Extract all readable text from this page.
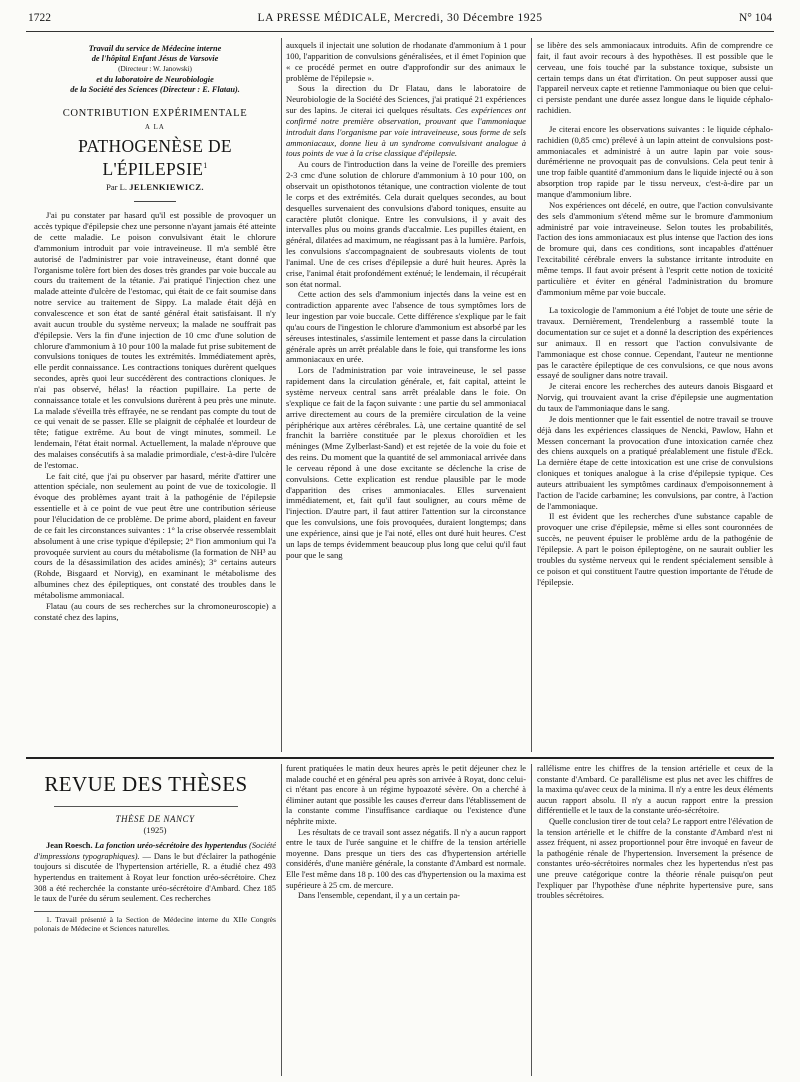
1722	LA PRESSE MÉDICALE, Mercredi, 30 Décembre 1925	N° 104
Travail du service de Médecine interne
de l'hôpital Enfant Jésus de Varsovie
(Directeur : W. Janowski)
et du laboratoire de Neurobiologie
de la Société des Sciences (Directeur : E. Flatau).
CONTRIBUTION EXPÉRIMENTALE
A LA
PATHOGENÈSE DE L'ÉPILEPSIE$^1$
Par L. JELENKIEWICZ.

J'ai pu constater par hasard qu'il est possible de provoquer un accès typique d'épilepsie chez une personne n'ayant jamais été atteinte de cette maladie. Le poison convulsivant était le chlorure d'ammonium introduit par voie intraveineuse. Il m'a semblé être autorisé de l'administrer par voie intraveineuse, étant donné que l'organisme tolère fort bien des doses très grandes par voie buccale au cours du traitement de la tétanie. J'ai pratiqué l'injection chez une malade atteinte d'ulcère de l'estomac, qui était de ce fait soumise dans notre service au traitement de Sippy. La malade était déjà en convalescence et son état de santé général était satisfaisant. Il n'y avait aucun trouble du système nerveux; la malade ne souffrait pas d'épilepsie. Vers la fin d'une injection de 10 cmc d'une solution de chlorure d'ammonium à 10 pour 100 la malade fut prise subitement de convulsions toniques de toutes les extrémités. Immédiatement après, elle perdit connaissance. Les contractions toniques durèrent quelques secondes, après quoi leur succédèrent des contractions cloniques. Je n'ai pas observé, hélas! la réaction pupillaire. La perte de connaissance totale et les convulsions durèrent à peu près une minute. La malade s'éveilla très effrayée, ne se rendant pas compte du tout de ce qui venait de se passer. Elle se plaignit de céphalée et lourdeur de tête; fatigue extrême. Au bout de vingt minutes, sommeil. Le lendemain, l'état était normal. Actuellement, la malade n'éprouve que des malaises consécutifs à sa maladie primordiale, c'est-à-dire l'ulcère de l'estomac.

Le fait cité, que j'ai pu observer par hasard, mérite d'attirer une attention spéciale, non seulement au point de vue de toxicologie. Il évoque des problèmes ayant trait à la pathogénie de l'épilepsie essentielle et à ce point de vue peut être une contribution sérieuse pour l'élucidation de ce problème. De prime abord, plaident en faveur de ce fait les circonstances suivantes : 1° la crise observée ressemblait absolument à une crise typique d'épilepsie; 2° l'ion ammonium qui l'a provoquée survient au cours du métabolisme (la formation de NH³ au cours de la désassimilation des acides aminés); 3° certains auteurs (Rohde, Bisgaard et Norvig), en examinant le métabolisme des albumines chez des épileptiques, ont constaté des troubles dans le métabolisme ammoniacal.

Flatau (au cours de ses recherches sur la chromoneuroscopie) a constaté chez des lapins,

auxquels il injectait une solution de rhodanate d'ammonium à 1 pour 100, l'apparition de convulsions généralisées, et il émet l'opinion que « ce procédé permet en outre d'approfondir sur des animaux le problème de l'épilepsie ».

Sous la direction du Dr Flatau, dans le laboratoire de Neurobiologie de la Société des Sciences, j'ai pratiqué 21 expériences sur des lapins. Je citerai ici quelques résultats. Ces expériences ont confirmé notre première observation, prouvant que l'ammoniaque introduit dans l'organisme par voie intraveineuse, sous forme de sels ammoniacaux, donne lieu à un syndrome convulsivant analogue à tous points de vue à la crise classique d'épilepsie.

Au cours de l'introduction dans la veine de l'oreille des premiers 2-3 cmc d'une solution de chlorure d'ammonium à 10 pour 100, on observait un opisthotonos tétanique, une contraction violente de tout le corps et des extrémités. Cela durait quelques secondes, au bout desquelles survenaient des convulsions d'abord toniques, ensuite au caractère plutôt clonique. Entre les convulsions, il y avait des intervalles plus ou moins grands d'accalmie. Les pupilles étaient, en général, dilatées ad maximum, ne réagissant pas à la lumière. Parfois, les convulsions s'accompagnaient de soubresauts violents de tout l'animal. Une de ces crises d'épilepsie a duré huit heures. Après la crise, l'animal était profondément exténué; le lendemain, il récupérait son état normal.

Cette action des sels d'ammonium injectés dans la veine est en contradiction apparente avec l'absence de tous symptômes lors de leur ingestion par voie buccale. Cette différence s'explique par le fait qu'au cours de l'ingestion le chlorure d'ammonium est absorbé par les séreuses intestinales, s'assimile lentement et passe dans la circulation générale après un arrêt préalable dans le foie, qui transforme les ions ammoniacaux en urée.

Lors de l'administration par voie intraveineuse, le sel passe rapidement dans la circulation générale, et, fait capital, atteint le système nerveux central sans arrêt préalable dans le foie. On s'explique ce fait de la façon suivante : une partie du sel ammoniacal arrive directement au cours de la première circulation de la veine périphérique aux artères cérébrales. Là, une certaine quantité de sel franchit la barrière constituée par le plexus choroïdien et les méninges (Mme Zylberlast-Sand) et est rejetée de la voie du foie et des reins. Du moment que la quantité de sel ammoniacal arrivée dans le cerveau répond à une dose excitante se déclenche la crise de convulsions. Cette explication est rendue plausible par le mode d'apparition des crises ammoniacales. Elles survenaient immédiatement, et, fait qu'il faut souligner, au cours même de l'injection. D'autre part, il faut attirer l'attention sur la circonstance que les convulsions, une fois provoquées, duraient longtemps; dans une expérience, ainsi que je l'ai noté, elles ont duré huit heures. C'est un laps de temps évidemment beaucoup plus long que celui qu'il faut pour que le sang

se libère des sels ammoniacaux introduits. Afin de comprendre ce fait, il faut avoir recours à des hypothèses. Il est possible que le cerveau, une fois touché par la substance toxique, subsiste un certain temps dans un état d'irritation. On peut supposer aussi que l'appareil nerveux capte et retienne l'ammoniaque ou bien que celui-ci persiste pendant une durée assez longue dans le liquide céphalo-rachidien.

Je citerai encore les observations suivantes : le liquide céphalo-rachidien (0,85 cmc) prélevé à un lapin atteint de convulsions post-ammoniacales et administré à un autre lapin par voie sous-durémérienne ne provoquait pas de convulsions. Cela peut tenir à une trop faible quantité d'ammonium dans le liquide injecté ou à son absorption trop rapide par le tissu nerveux, c'est-à-dire par un manque d'ammonium libre.

Nos expériences ont décelé, en outre, que l'action convulsivante des sels d'ammonium s'étend même sur le bromure d'ammonium administré par voie intraveineuse. Selon toutes les probabilités, l'action des ions ammoniacaux est plus intense que l'action des ions de bromure qui, dans ces conditions, sont incapables d'atténuer l'excitabilité cérébrale envers la substance irritante introduite en même temps. Il faut avoir présent à l'esprit cette notion de toxicité particulière et éviter en général l'administration du bromure d'ammonium même par voie buccale.

La toxicologie de l'ammonium a été l'objet de toute une série de travaux. Dernièrement, Trendelenburg a rassemblé toute la documentation sur ce sujet et a donné la description des expériences sur animaux. Il en ressort que l'action convulsivante de l'ammoniaque est chose connue. Cependant, l'auteur ne mentionne pas le caractère épileptique de ces convulsions, ce que nous avons essayé de souligner dans notre travail.

Je citerai encore les recherches des auteurs danois Bisgaard et Norvig, qui trouvaient avant la crise d'épilepsie une augmentation du taux de l'ammoniaque dans le sang.

Je dois mentionner que le fait essentiel de notre travail se trouve déjà dans les expériences classiques de Nencki, Pawlow, Hahn et Messen concernant la provocation d'une intoxication carnée chez des chiens auxquels on a pratiqué préalablement une fistule d'Eck. La dernière étape de cette intoxication est une crise de convulsions cloniques et toniques analogue à la crise d'épilepsie typique. Ces auteurs attribuaient les symptômes cardinaux d'empoisonnement à l'action de l'acide carbamine; les convulsions, par contre, à l'action de l'ammoniaque.

Il est évident que les recherches d'une substance capable de provoquer une crise d'épilepsie, même si elles sont couronnées de succès, ne peuvent épuiser le problème ardu de la pathogénie de l'épilepsie. A part le poison épileptogène, on ne saurait oublier les troubles du système nerveux qui le rendent spécialement sensible à ce poison et qui constituent l'autre question importante de l'étude de l'épilepsie.

REVUE DES THÈSES
THÈSE DE NANCY
(1925)

Jean Roesch. La fonction uréo-sécrétoire des hypertendus (Société d'impressions typographiques). — Dans le but d'éclairer la pathogénie toujours si discutée de l'hypertension artérielle, R. a étudié chez 493 hypertendus en traitement à Royat leur fonction uréo-sécrétoire. Chez 308 a été recherchée la constante uréo-sécrétoire d'Ambard. Chez 185 le taux de l'urée du sérum seulement. Ces recherches

1. Travail présenté à la Section de Médecine interne du XIIe Congrès polonais de Médecine et Sciences naturelles.

furent pratiquées le matin deux heures après le petit déjeuner chez le malade couché et en général peu après son arrivée à Royat, donc celui-ci n'étant pas encore à un régime hypoazoté sévère. On a cherché à éliminer autant que possible les causes d'erreur dans l'établissement de la constante comme l'insuffisance cardiaque ou l'existence d'une néphrite mixte.

Les résultats de ce travail sont assez négatifs. Il n'y a aucun rapport entre le taux de l'urée sanguine et le chiffre de la tension artérielle moyenne. Dans presque un tiers des cas d'hypertension artérielle considérés, d'une manière générale, la constante d'Ambard est normale. Elle l'est même dans 18 p. 100 des cas d'hypertension ou la maxima est supérieure à 25 cm. de mercure.

Dans l'ensemble, cependant, il y a un certain pa-

rallélisme entre les chiffres de la tension artérielle et ceux de la constante d'Ambard. Ce parallélisme est plus net avec les chiffres de la maxima qu'avec ceux de la minima. Il n'y a entre les deux éléments aucun rapport absolu. Il n'y a aucun rapport entre la pression différentielle et le taux de la constante uréo-sécrétoire.

Quelle conclusion tirer de tout cela? Le rapport entre l'élévation de la tension artérielle et le chiffre de la constante d'Ambard n'est ni assez fréquent, ni assez proportionnel pour être invoqué en faveur de la pathogénie rénale de l'hypertension. Inversement la présence de constantes uréo-sécrétoires normales chez les hypertendus n'est pas une preuve catégorique contre la théorie rénale puisqu'on peut l'expliquer par l'hypothèse d'une néphrite hypertensive pure, sans troubles sécrétoires.
